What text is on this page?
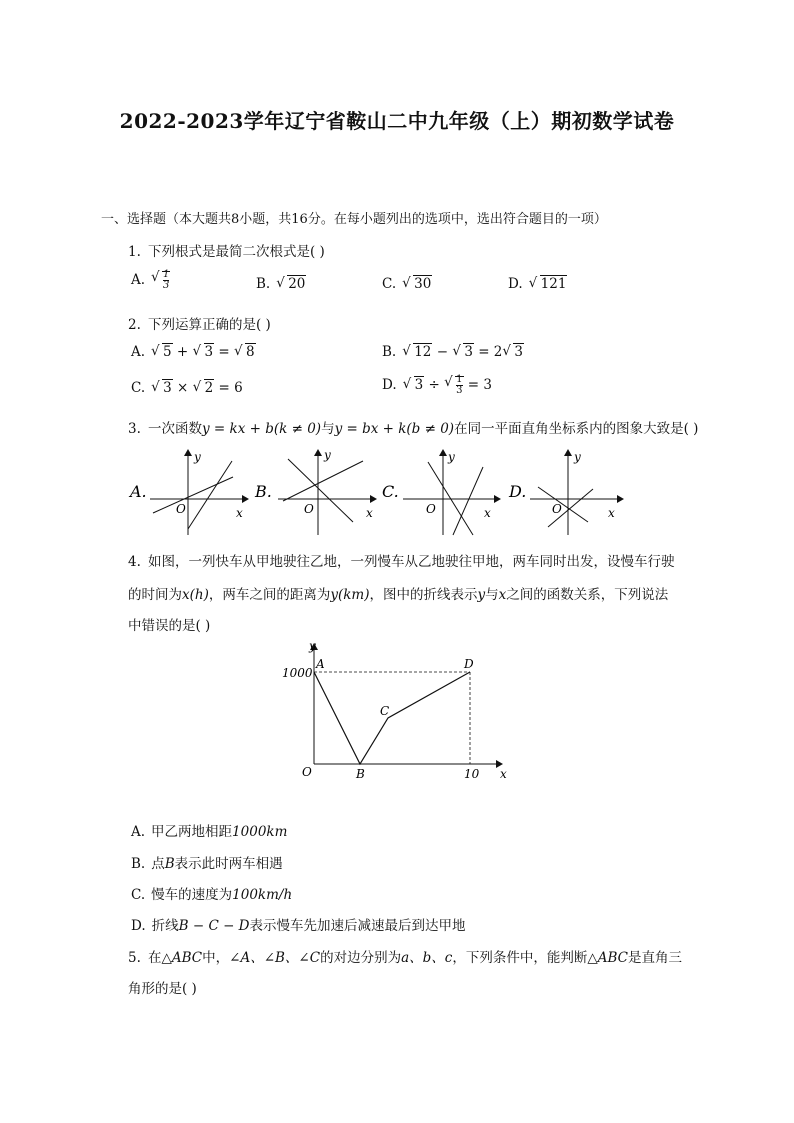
2022-2023学年辽宁省鞍山二中九年级（上）期初数学试卷
一、选择题（本大题共8小题，共16分。在每小题列出的选项中，选出符合题目的一项）
1. 下列根式是最简二次根式是( )
A. √ $\frac{1}{3}$	B. √ 20	C. √ 30	D. √ 121
2. 下列运算正确的是( )
A. √ 5 + √ 3 = √ 8	B. √ 12 − √ 3 = 2 √ 3
C. √ 3 × √ 2 = 6	D. √ 3 ÷ √ $\frac{1}{3} = 3$
3. 一次函数y = kx + b(k ≠ 0)与y = bx + k(b ≠ 0)在同一平面直角坐标系内的图象大致是( )
A.
O	x
y
B.
O	x
y
C.
O	x
y
D.
O	x
y
4. 如图，一列快车从甲地驶往乙地，一列慢车从乙地驶往甲地，两车同时出发，设慢车行驶
的时间为x(h)，两车之间的距离为y(km)，图中的折线表示y与x之间的函数关系，下列说法
中错误的是( )
y
x
O
1000
10
A
B
C
D
A. 甲乙两地相距1000km
B. 点B表示此时两车相遇
C. 慢车的速度为100km/h
D. 折线B − C − D表示慢车先加速后减速最后到达甲地
5. 在△ABC中，∠A、∠B、∠C的对边分别为a、b、c，下列条件中，能判断△ABC是直角三
角形的是( )
